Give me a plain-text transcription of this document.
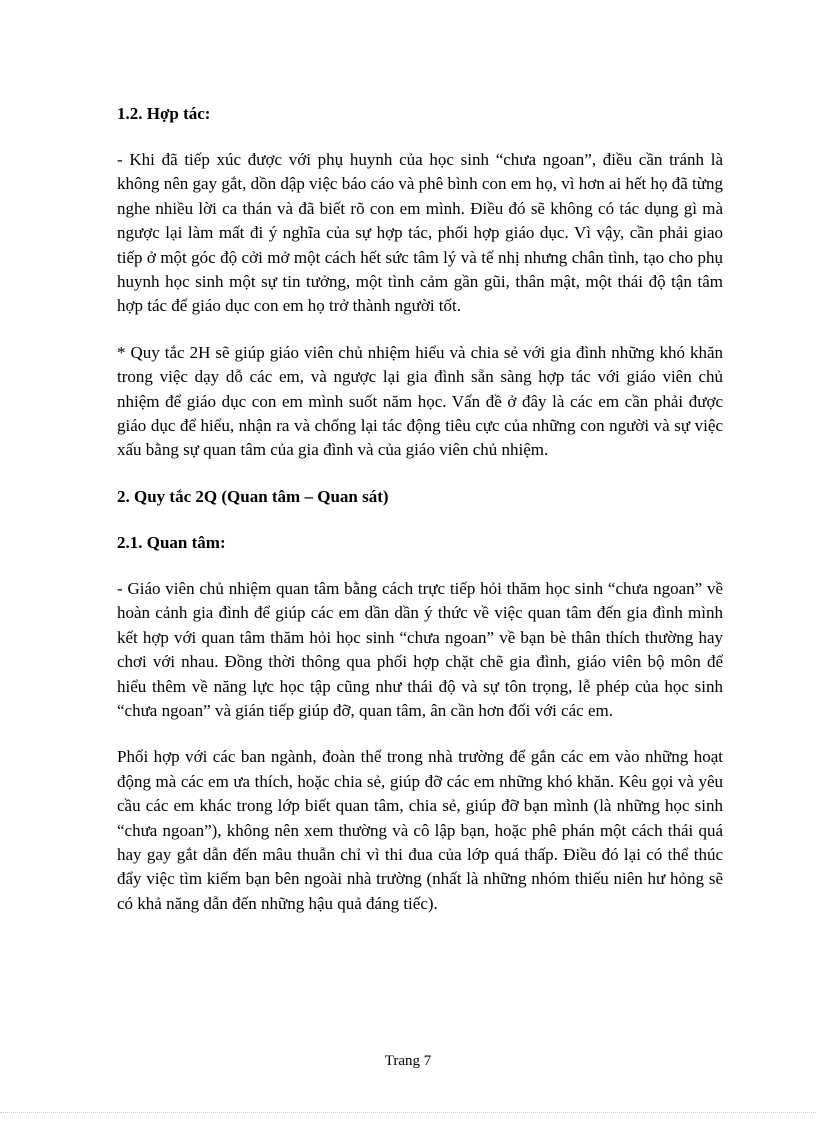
1.2. Hợp tác:

- Khi đã tiếp xúc được với phụ huynh của học sinh “chưa ngoan”, điều cần tránh là không nên gay gắt, dồn dập việc báo cáo và phê bình con em họ, vì hơn ai hết họ đã từng nghe nhiều lời ca thán và đã biết rõ con em mình. Điều đó sẽ không có tác dụng gì mà ngược lại làm mất đi ý nghĩa của sự hợp tác, phối hợp giáo dục. Vì vậy, cần phải giao tiếp ở một góc độ cởi mở một cách hết sức tâm lý và tế nhị nhưng chân tình, tạo cho phụ huynh học sinh một sự tin tưởng, một tình cảm gần gũi, thân mật, một thái độ tận tâm hợp tác để giáo dục con em họ trở thành người tốt.

* Quy tắc 2H sẽ giúp giáo viên chủ nhiệm hiểu và chia sẻ với gia đình những khó khăn trong việc dạy dỗ các em, và ngược lại gia đình sẵn sàng hợp tác với giáo viên chủ nhiệm để giáo dục con em mình suốt năm học. Vấn đề ở đây là các em cần phải được giáo dục để hiểu, nhận ra và chống lại tác động tiêu cực của những con người và sự việc xấu bằng sự quan tâm của gia đình và của giáo viên chủ nhiệm.

2. Quy tắc 2Q (Quan tâm – Quan sát)
2.1. Quan tâm:

- Giáo viên chủ nhiệm quan tâm bằng cách trực tiếp hỏi thăm học sinh “chưa ngoan” về hoàn cảnh gia đình để giúp các em dần dần ý thức về việc quan tâm đến gia đình mình kết hợp với quan tâm thăm hỏi học sinh “chưa ngoan” về bạn bè thân thích thường hay chơi với nhau. Đồng thời thông qua phối hợp chặt chẽ gia đình, giáo viên bộ môn để hiểu thêm về năng lực học tập cũng như thái độ và sự tôn trọng, lễ phép của học sinh “chưa ngoan” và gián tiếp giúp đỡ, quan tâm, ân cần hơn đối với các em.

Phối hợp với các ban ngành, đoàn thể trong nhà trường để gắn các em vào những hoạt động mà các em ưa thích, hoặc chia sẻ, giúp đỡ các em những khó khăn. Kêu gọi và yêu cầu các em khác trong lớp biết quan tâm, chia sẻ, giúp đỡ bạn mình (là những học sinh “chưa ngoan”), không nên xem thường và cô lập bạn, hoặc phê phán một cách thái quá hay gay gắt dẫn đến mâu thuẫn chỉ vì thi đua của lớp quá thấp. Điều đó lại có thể thúc đẩy việc tìm kiếm bạn bên ngoài nhà trường (nhất là những nhóm thiếu niên hư hỏng sẽ có khả năng dẫn đến những hậu quả đáng tiếc).

Trang 7
